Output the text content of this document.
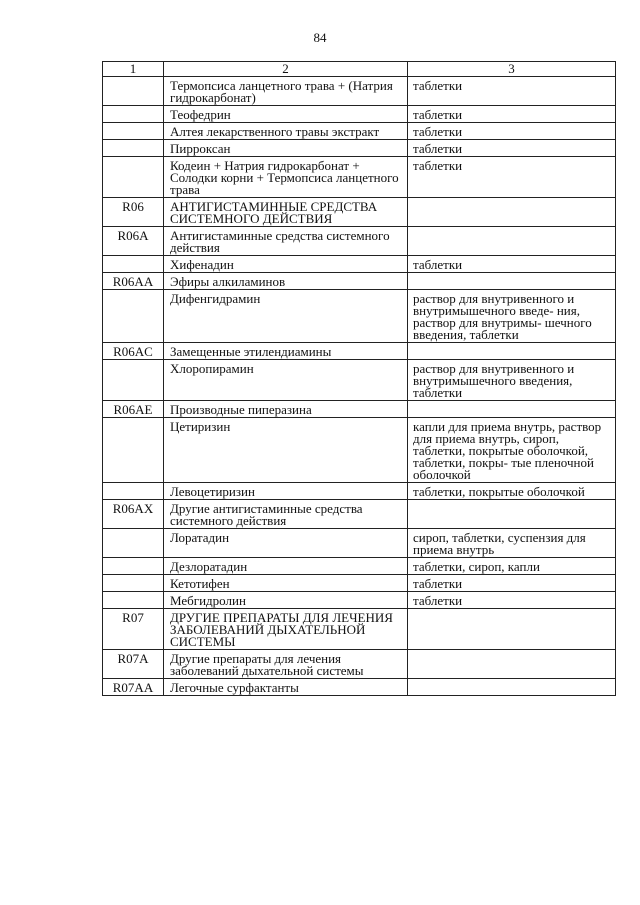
84
1	2	3
	Термопсиса ланцетного трава + (Натрия гидрокарбонат)	таблетки
	Теофедрин	таблетки
	Алтея лекарственного травы экстракт	таблетки
	Пирроксан	таблетки
	Кодеин + Натрия гидрокарбонат + Солодки корни + Термопсиса ланцетного трава	таблетки
R06	АНТИГИСТАМИННЫЕ СРЕДСТВА СИСТЕМНОГО ДЕЙСТВИЯ	
R06A	Антигистаминные средства системного действия	
	Хифенадин	таблетки
R06AA	Эфиры алкиламинов	
	Дифенгидрамин	раствор для внутривенного и внутримышечного введе- ния, раствор для внутримы- шечного введения, таблетки
R06AC	Замещенные этилендиамины	
	Хлоропирамин	раствор для внутривенного и внутримышечного введения, таблетки
R06AE	Производные пиперазина	
	Цетиризин	капли для приема внутрь, раствор для приема внутрь, сироп, таблетки, покрытые оболочкой, таблетки, покры- тые пленочной оболочкой
	Левоцетиризин	таблетки, покрытые оболочкой
R06AX	Другие антигистаминные средства системного действия	
	Лоратадин	сироп, таблетки, суспензия для приема внутрь
	Дезлоратадин	таблетки, сироп, капли
	Кетотифен	таблетки
	Мебгидролин	таблетки
R07	ДРУГИЕ ПРЕПАРАТЫ ДЛЯ ЛЕЧЕНИЯ ЗАБОЛЕВАНИЙ ДЫХАТЕЛЬНОЙ СИСТЕМЫ	
R07A	Другие препараты для лечения заболеваний дыхательной системы	
R07AA	Легочные сурфактанты	
